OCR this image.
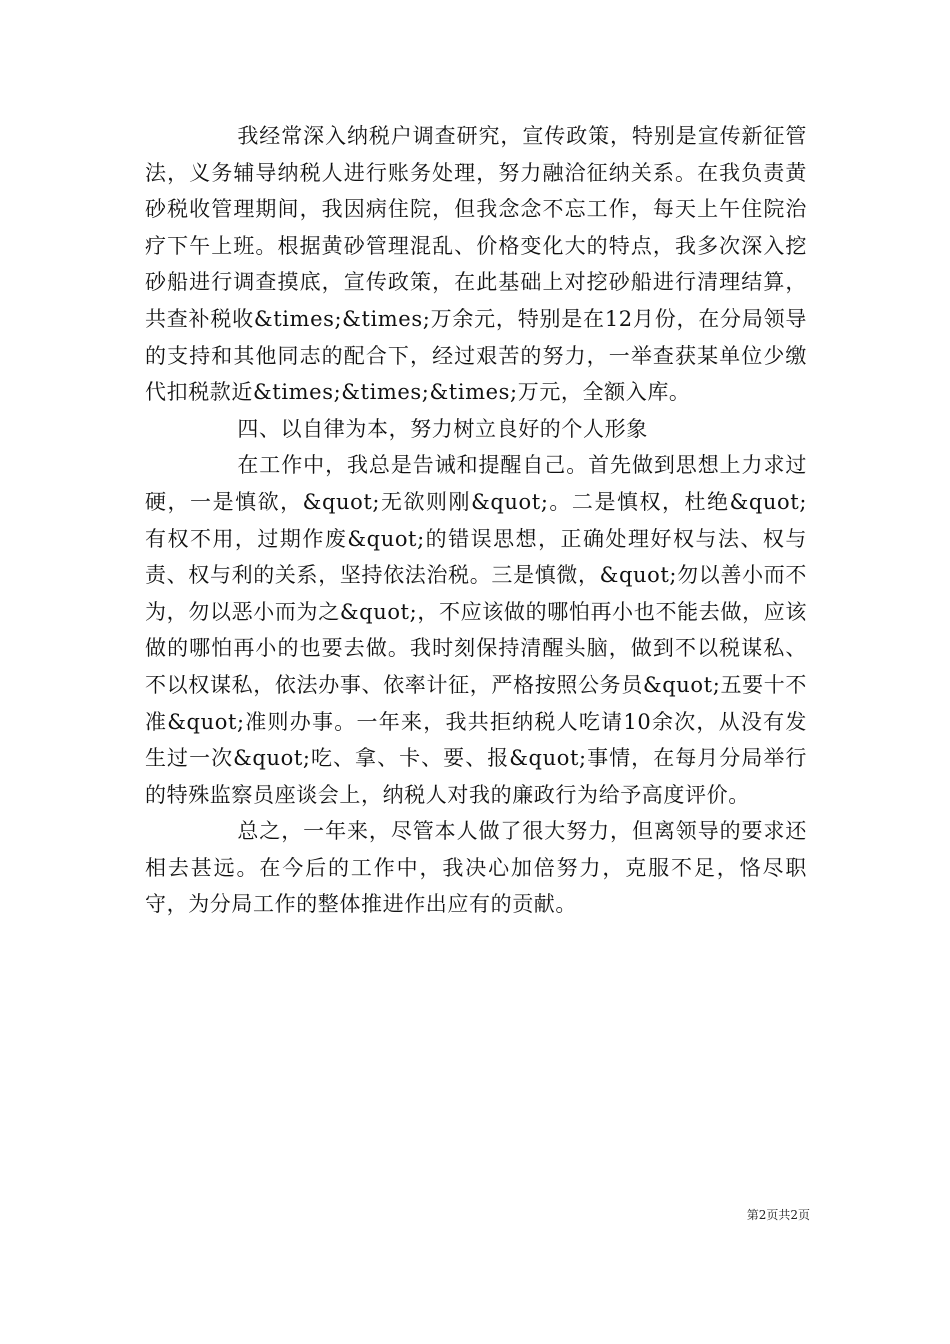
我经常深入纳税户调查研究，宣传政策，特别是宣传新征管法，义务辅导纳税人进行账务处理，努力融洽征纳关系。在我负责黄砂税收管理期间，我因病住院，但我念念不忘工作，每天上午住院治疗下午上班。根据黄砂管理混乱、价格变化大的特点，我多次深入挖砂船进行调查摸底，宣传政策，在此基础上对挖砂船进行清理结算，共查补税收&times;&times;万余元，特别是在12月份，在分局领导的支持和其他同志的配合下，经过艰苦的努力，一举查获某单位少缴代扣税款近&times;&times;&times;万元，全额入库。

四、以自律为本，努力树立良好的个人形象

在工作中，我总是告诫和提醒自己。首先做到思想上力求过硬，一是慎欲，&quot;无欲则刚&quot;。二是慎权，杜绝&quot;有权不用，过期作废&quot;的错误思想，正确处理好权与法、权与责、权与利的关系，坚持依法治税。三是慎微，&quot;勿以善小而不为，勿以恶小而为之&quot;，不应该做的哪怕再小也不能去做，应该做的哪怕再小的也要去做。我时刻保持清醒头脑，做到不以税谋私、不以权谋私，依法办事、依率计征，严格按照公务员&quot;五要十不准&quot;准则办事。一年来，我共拒纳税人吃请10余次，从没有发生过一次&quot;吃、拿、卡、要、报&quot;事情，在每月分局举行的特殊监察员座谈会上，纳税人对我的廉政行为给予高度评价。

总之，一年来，尽管本人做了很大努力，但离领导的要求还相去甚远。在今后的工作中，我决心加倍努力，克服不足，恪尽职守，为分局工作的整体推进作出应有的贡献。

第2页共2页
